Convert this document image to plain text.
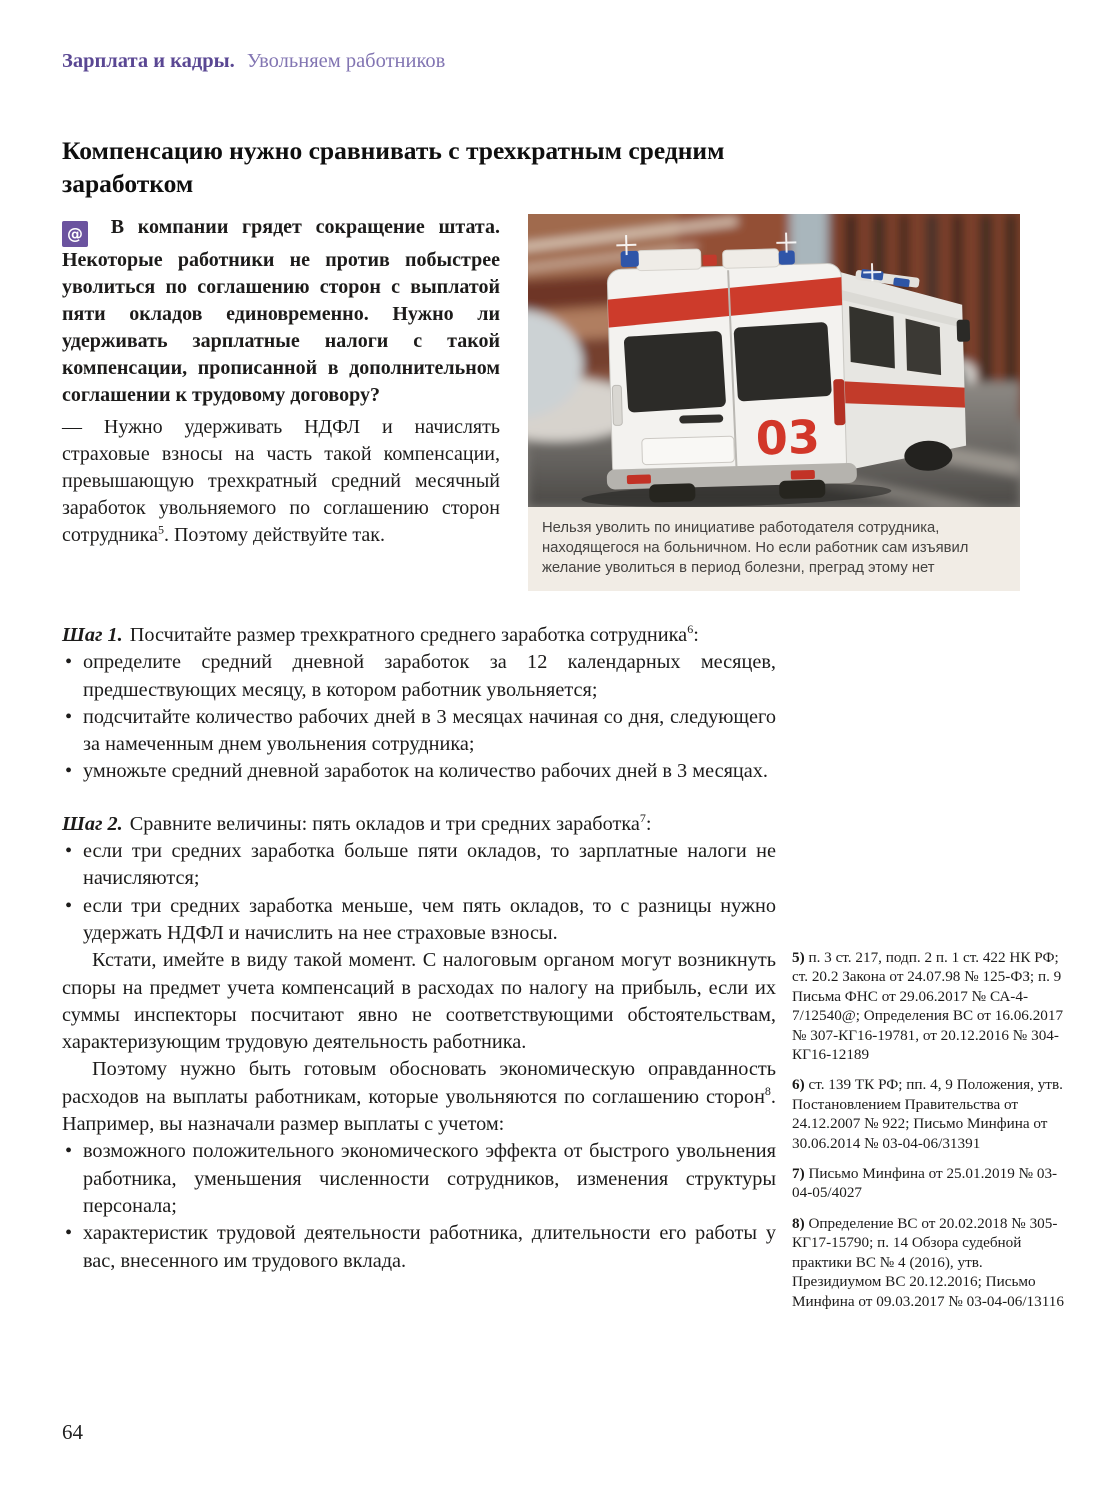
Зарплата и кадры. Увольняем работников
Компенсацию нужно сравнивать с трехкратным средним заработком

@ В компании грядет сокращение штата. Некоторые работники не против побыстрее уволиться по соглашению сторон с выплатой пяти окладов единовременно. Нужно ли удерживать зарплатные налоги с такой компенсации, прописанной в дополнительном соглашении к трудовому договору?

— Нужно удерживать НДФЛ и начислять страховые взносы на часть такой компенсации, превышающую трехкратный средний месячный заработок увольняемого по соглашению сторон сотрудника$^5$. Поэтому действуйте так.

03
Нельзя уволить по инициативе работодателя сотрудника, находящегося на больничном. Но если работник сам изъявил желание уволиться в период болезни, преград этому нет

Шаг 1. Посчитайте размер трехкратного среднего заработка сотрудника$^6$:

• определите средний дневной заработок за 12 календарных месяцев, предшествующих месяцу, в котором работник увольняется;
• подсчитайте количество рабочих дней в 3 месяцах начиная со дня, следующего за намеченным днем увольнения сотрудника;
• умножьте средний дневной заработок на количество рабочих дней в 3 месяцах.

Шаг 2. Сравните величины: пять окладов и три средних заработка$^7$:

• если три средних заработка больше пяти окладов, то зарплатные налоги не начисляются;
• если три средних заработка меньше, чем пять окладов, то с разницы нужно удержать НДФЛ и начислить на нее страховые взносы.

Кстати, имейте в виду такой момент. С налоговым органом могут возникнуть споры на предмет учета компенсаций в расходах по налогу на прибыль, если их суммы инспекторы посчитают явно не соответствующими обстоятельствам, характеризующим трудовую деятельность работника.

Поэтому нужно быть готовым обосновать экономическую оправданность расходов на выплаты работникам, которые увольняются по соглашению сторон$^8$. Например, вы назначали размер выплаты с учетом:

• возможного положительного экономического эффекта от быстрого увольнения работника, уменьшения численности сотрудников, изменения структуры персонала;
• характеристик трудовой деятельности работника, длительности его работы у вас, внесенного им трудового вклада.

5) п. 3 ст. 217, подп. 2 п. 1 ст. 422 НК РФ; ст. 20.2 Закона от 24.07.98 № 125-ФЗ; п. 9 Письма ФНС от 29.06.2017 № СА-4-7/12540@; Определения ВС от 16.06.2017 № 307-КГ16-19781, от 20.12.2016 № 304-КГ16-12189

6) ст. 139 ТК РФ; пп. 4, 9 Положения, утв. Постановлением Правительства от 24.12.2007 № 922; Письмо Минфина от 30.06.2014 № 03-04-06/31391

7) Письмо Минфина от 25.01.2019 № 03-04-05/4027

8) Определение ВС от 20.02.2018 № 305-КГ17-15790; п. 14 Обзора судебной практики ВС № 4 (2016), утв. Президиумом ВС 20.12.2016; Письмо Минфина от 09.03.2017 № 03-04-06/13116

64
